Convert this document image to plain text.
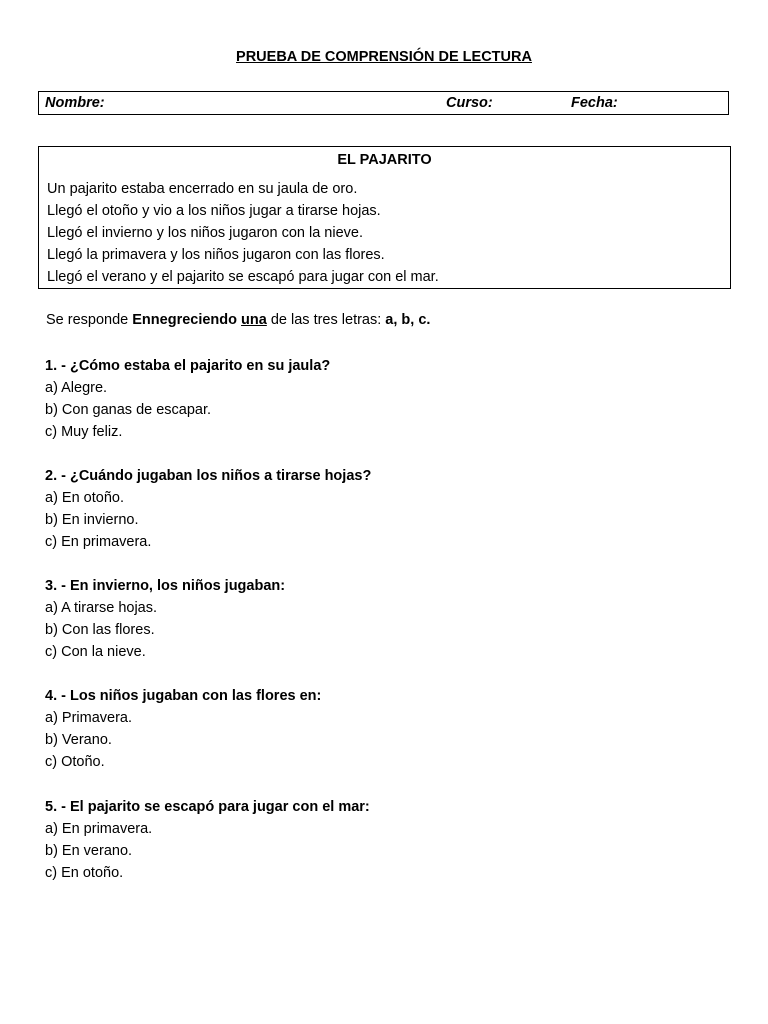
PRUEBA DE COMPRENSIÓN DE LECTURA
Nombre:	Curso:	Fecha:
EL PAJARITO
Un pajarito estaba encerrado en su jaula de oro.
Llegó el otoño y vio a los niños jugar a tirarse hojas.
Llegó el invierno y los niños jugaron con la nieve.
Llegó la primavera y los niños jugaron con las flores.
Llegó el verano y el pajarito se escapó para jugar con el mar.
Se responde Ennegreciendo una de las tres letras: a, b, c.
1. - ¿Cómo estaba el pajarito en su jaula?
a) Alegre.
b) Con ganas de escapar.
c) Muy feliz.
2. - ¿Cuándo jugaban los niños a tirarse hojas?
a) En otoño.
b) En invierno.
c) En primavera.
3. - En invierno, los niños jugaban:
a) A tirarse hojas.
b) Con las flores.
c) Con la nieve.
4. - Los niños jugaban con las flores en:
a) Primavera.
b) Verano.
c) Otoño.
5. - El pajarito se escapó para jugar con el mar:
a) En primavera.
b) En verano.
c) En otoño.
